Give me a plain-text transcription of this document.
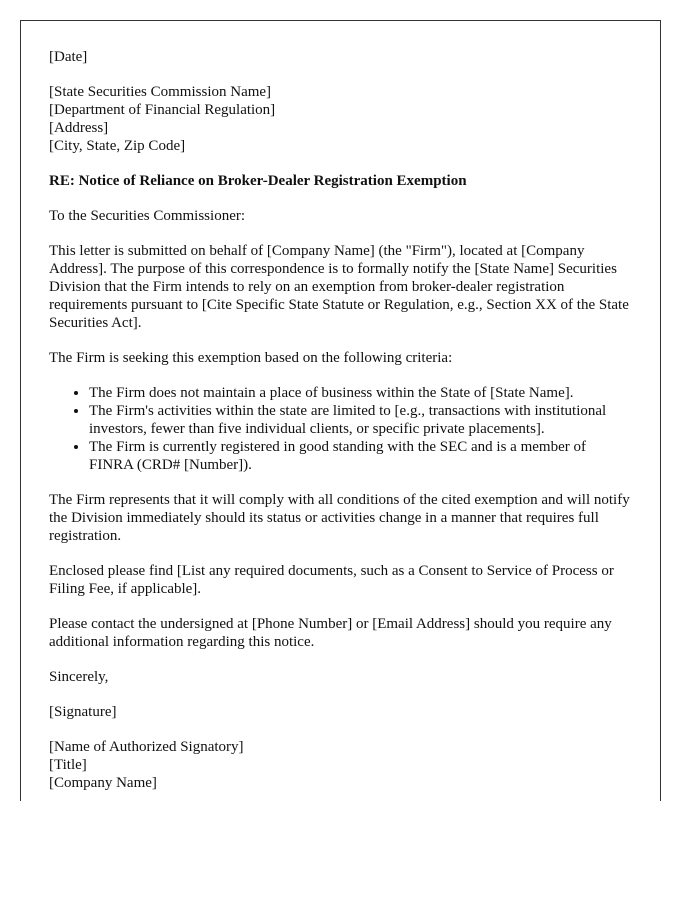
[Date]

[State Securities Commission Name]
[Department of Financial Regulation]
[Address]
[City, State, Zip Code]

RE: Notice of Reliance on Broker-Dealer Registration Exemption

To the Securities Commissioner:

This letter is submitted on behalf of [Company Name] (the "Firm"), located at [Company Address]. The purpose of this correspondence is to formally notify the [State Name] Securities Division that the Firm intends to rely on an exemption from broker-dealer registration requirements pursuant to [Cite Specific State Statute or Regulation, e.g., Section XX of the State Securities Act].

The Firm is seeking this exemption based on the following criteria:

• The Firm does not maintain a place of business within the State of [State Name].
• The Firm's activities within the state are limited to [e.g., transactions with institutional investors, fewer than five individual clients, or specific private placements].
• The Firm is currently registered in good standing with the SEC and is a member of FINRA (CRD# [Number]).

The Firm represents that it will comply with all conditions of the cited exemption and will notify the Division immediately should its status or activities change in a manner that requires full registration.

Enclosed please find [List any required documents, such as a Consent to Service of Process or Filing Fee, if applicable].

Please contact the undersigned at [Phone Number] or [Email Address] should you require any additional information regarding this notice.

Sincerely,

[Signature]

[Name of Authorized Signatory]
[Title]
[Company Name]
